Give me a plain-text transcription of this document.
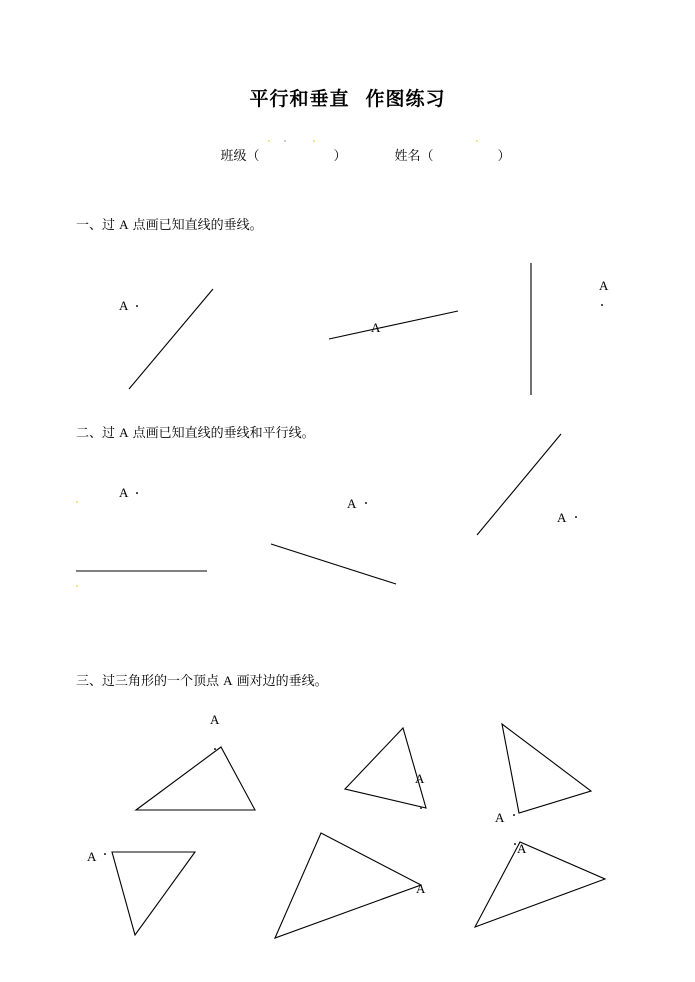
平行和垂直 作图练习

班级（	）
	姓名（	）

一、过 A 点画已知直线的垂线。
二、过 A 点画已知直线的垂线和平行线。
三、过三角形的一个顶点 A 画对边的垂线。
A
A
A
A
A
A
A
A
A
A
A
A
